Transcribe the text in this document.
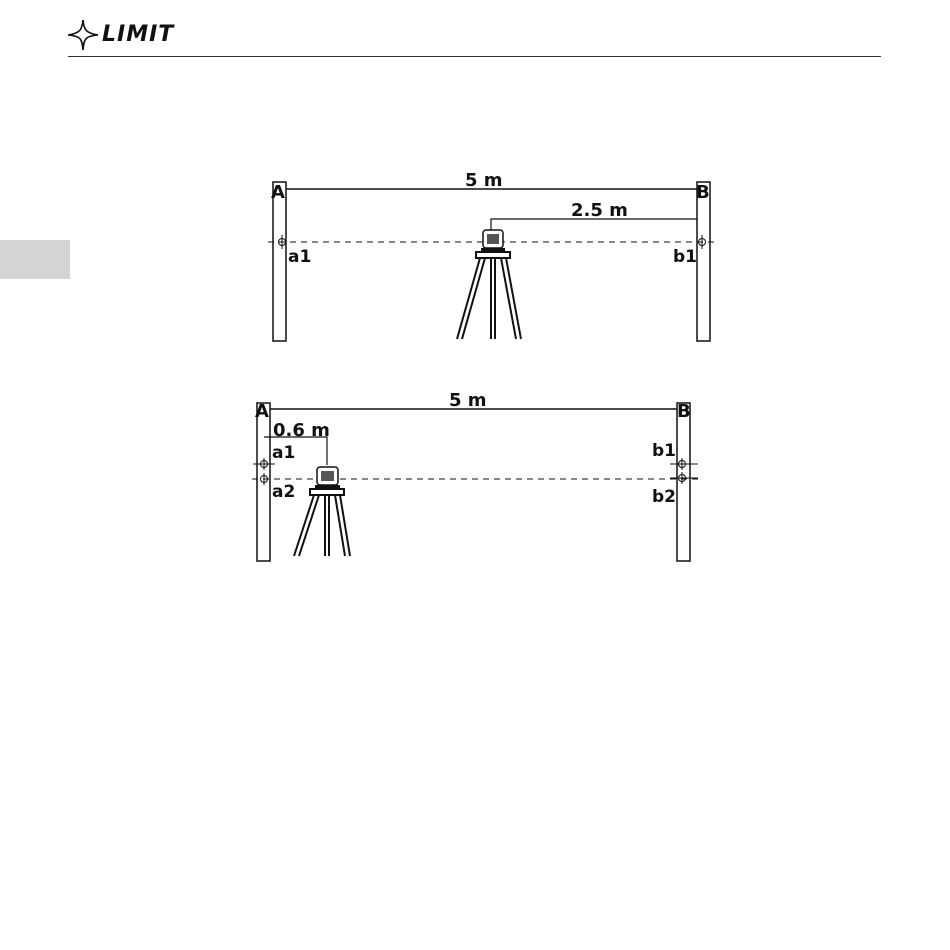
LIMIT
A	B
5 m
2.5 m
a1	b1
A	B
5 m
0.6 m
a1
a2
b1
b2
